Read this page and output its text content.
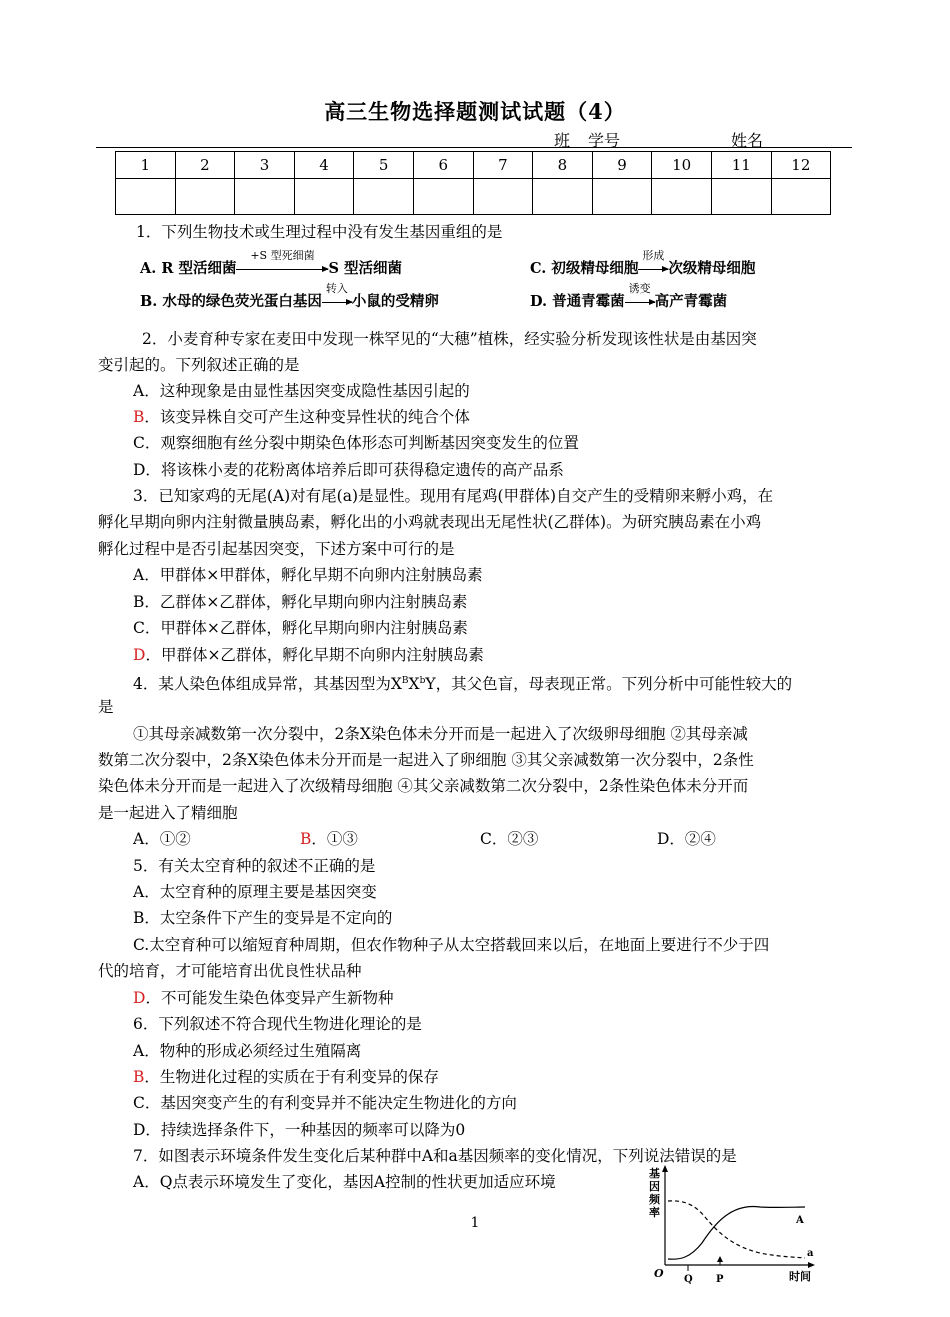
高三生物选择题测试试题（4）
班 学号	姓名
1	2	3	4	5	6	7	8	9	10	11	12

1．下列生物技术或生理过程中没有发生基因重组的是
A. R 型活细菌
+S 型死细菌
S 型活细菌	C. 初级精母细胞
形成
次级精母细胞
B. 水母的绿色荧光蛋白基因
转入
小鼠的受精卵	D. 普通青霉菌
诱变
高产青霉菌
2．小麦育种专家在麦田中发现一株罕见的“大穗”植株，经实验分析发现该性状是由基因突
变引起的。下列叙述正确的是
A．这种现象是由显性基因突变成隐性基因引起的
B．该变异株自交可产生这种变异性状的纯合个体
C．观察细胞有丝分裂中期染色体形态可判断基因突变发生的位置
D．将该株小麦的花粉离体培养后即可获得稳定遗传的高产品系
3．已知家鸡的无尾(A)对有尾(a)是显性。现用有尾鸡(甲群体)自交产生的受精卵来孵小鸡，在
孵化早期向卵内注射微量胰岛素，孵化出的小鸡就表现出无尾性状(乙群体)。为研究胰岛素在小鸡
孵化过程中是否引起基因突变，下述方案中可行的是
A．甲群体×甲群体，孵化早期不向卵内注射胰岛素
B．乙群体×乙群体，孵化早期向卵内注射胰岛素
C．甲群体×乙群体，孵化早期向卵内注射胰岛素
D．甲群体×乙群体，孵化早期不向卵内注射胰岛素
4．某人染色体组成异常，其基因型为$X^BX^bY$，其父色盲，母表现正常。下列分析中可能性较大的
是
①其母亲减数第一次分裂中，2条X染色体未分开而是一起进入了次级卵母细胞 ②其母亲减
数第二次分裂中，2条X染色体未分开而是一起进入了卵细胞 ③其父亲减数第一次分裂中，2条性
染色体未分开而是一起进入了次级精母细胞 ④其父亲减数第二次分裂中，2条性染色体未分开而
是一起进入了精细胞
A．①②	B．①③	C．②③	D．②④
5．有关太空育种的叙述不正确的是
A．太空育种的原理主要是基因突变
B．太空条件下产生的变异是不定向的
C.太空育种可以缩短育种周期，但农作物种子从太空搭载回来以后，在地面上要进行不少于四
代的培育，才可能培育出优良性状品种
D．不可能发生染色体变异产生新物种
6．下列叙述不符合现代生物进化理论的是
A．物种的形成必须经过生殖隔离
B．生物进化过程的实质在于有利变异的保存
C．基因突变产生的有利变异并不能决定生物进化的方向
D．持续选择条件下，一种基因的频率可以降为0
7．如图表示环境条件发生变化后某种群中A和a基因频率的变化情况，下列说法错误的是
A．Q点表示环境发生了变化，基因A控制的性状更加适应环境	基
因
频
率
O	时间
Q P
A
a
1
